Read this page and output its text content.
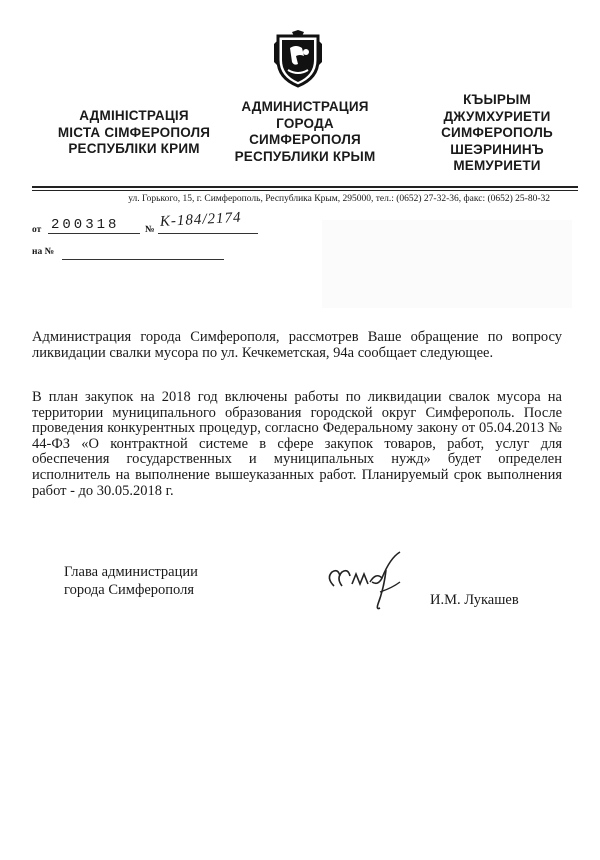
АДМІНІСТРАЦІЯ
МІСТА СІМФЕРОПОЛЯ
РЕСПУБЛІКИ КРИМ
АДМИНИСТРАЦИЯ
ГОРОДА
СИМФЕРОПОЛЯ
РЕСПУБЛИКИ КРЫМ
КЪЫРЫМ
ДЖУМХУРИЕТИ
СИМФЕРОПОЛЬ
ШЕЭРИНИНЪ
МЕМУРИЕТИ
ул. Горького, 15, г. Симферополь, Республика Крым, 295000, тел.: (0652) 27-32-36, факс: (0652) 25-80-32
от 200318	№
К-184/2174
на №
Администрация города Симферополя, рассмотрев Ваше обращение по вопросу ликвидации свалки мусора по ул. Кечкеметская, 94а сообщает следующее.
В план закупок на 2018 год включены работы по ликвидации свалок мусора на территории муниципального образования городской округ Симферополь. После проведения конкурентных процедур, согласно Федеральному закону от 05.04.2013 № 44-ФЗ «О контрактной системе в сфере закупок товаров, работ, услуг для обеспечения государственных и муниципальных нужд» будет определен исполнитель на выполнение вышеуказанных работ. Планируемый срок выполнения работ - до 30.05.2018 г.
Глава администрации
города Симферополя
И.М. Лукашев
